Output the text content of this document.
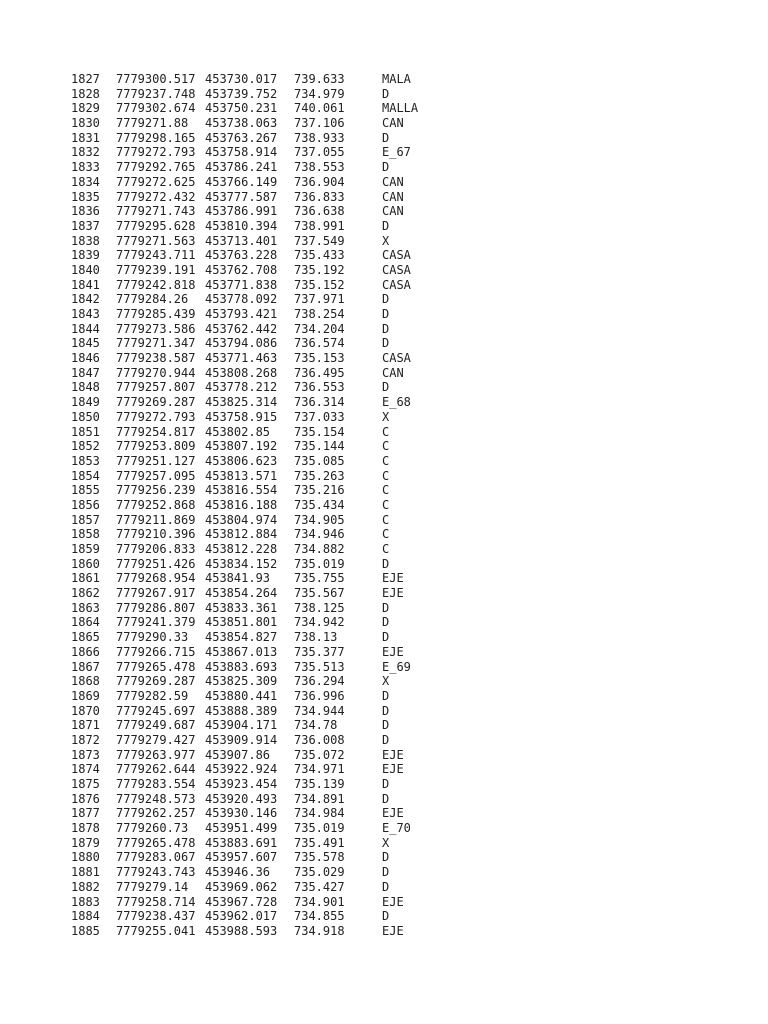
1827	7779300.517 453730.017	739.633	MALA
1828	7779237.748 453739.752	734.979	D
1829	7779302.674 453750.231	740.061	MALLA
1830	7779271.88	453738.063	737.106	CAN
1831	7779298.165 453763.267	738.933	D
1832	7779272.793 453758.914	737.055	E_67
1833	7779292.765 453786.241	738.553	D
1834	7779272.625 453766.149	736.904	CAN
1835	7779272.432 453777.587	736.833	CAN
1836	7779271.743 453786.991	736.638	CAN
1837	7779295.628 453810.394	738.991	D
1838	7779271.563 453713.401	737.549	X
1839	7779243.711 453763.228	735.433	CASA
1840	7779239.191 453762.708	735.192	CASA
1841	7779242.818 453771.838	735.152	CASA
1842	7779284.26	453778.092	737.971	D
1843	7779285.439 453793.421	738.254	D
1844	7779273.586 453762.442	734.204	D
1845	7779271.347 453794.086	736.574	D
1846	7779238.587 453771.463	735.153	CASA
1847	7779270.944 453808.268	736.495	CAN
1848	7779257.807 453778.212	736.553	D
1849	7779269.287 453825.314	736.314	E_68
1850	7779272.793 453758.915	737.033	X
1851	7779254.817 453802.85	735.154	C
1852	7779253.809 453807.192	735.144	C
1853	7779251.127 453806.623	735.085	C
1854	7779257.095 453813.571	735.263	C
1855	7779256.239 453816.554	735.216	C
1856	7779252.868 453816.188	735.434	C
1857	7779211.869 453804.974	734.905	C
1858	7779210.396 453812.884	734.946	C
1859	7779206.833 453812.228	734.882	C
1860	7779251.426 453834.152	735.019	D
1861	7779268.954 453841.93	735.755	EJE
1862	7779267.917 453854.264	735.567	EJE
1863	7779286.807 453833.361	738.125	D
1864	7779241.379 453851.801	734.942	D
1865	7779290.33	453854.827	738.13	D
1866	7779266.715 453867.013	735.377	EJE
1867	7779265.478 453883.693	735.513	E_69
1868	7779269.287 453825.309	736.294	X
1869	7779282.59	453880.441	736.996	D
1870	7779245.697 453888.389	734.944	D
1871	7779249.687 453904.171	734.78	D
1872	7779279.427 453909.914	736.008	D
1873	7779263.977 453907.86	735.072	EJE
1874	7779262.644 453922.924	734.971	EJE
1875	7779283.554 453923.454	735.139	D
1876	7779248.573 453920.493	734.891	D
1877	7779262.257 453930.146	734.984	EJE
1878	7779260.73	453951.499	735.019	E_70
1879	7779265.478 453883.691	735.491	X
1880	7779283.067 453957.607	735.578	D
1881	7779243.743 453946.36	735.029	D
1882	7779279.14	453969.062	735.427	D
1883	7779258.714 453967.728	734.901	EJE
1884	7779238.437 453962.017	734.855	D
1885	7779255.041 453988.593	734.918	EJE
